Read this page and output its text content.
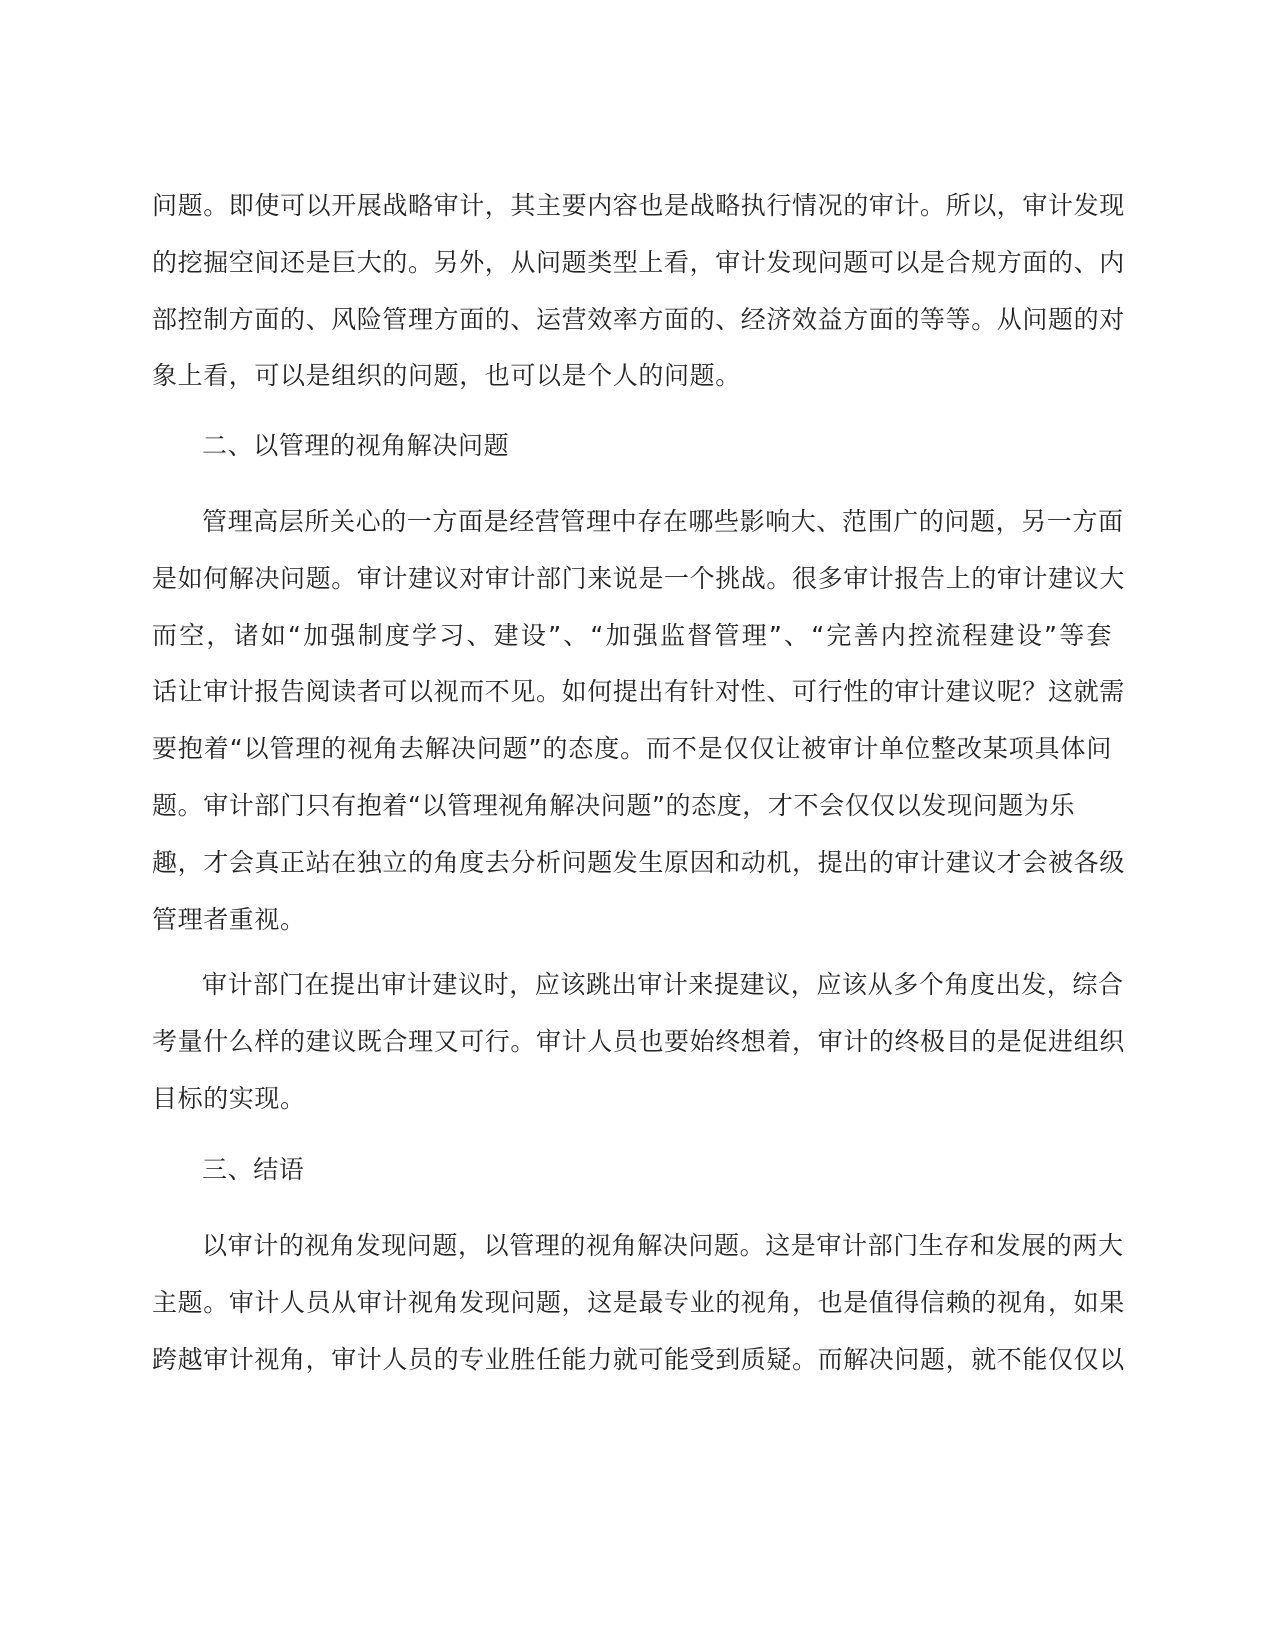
问题。即使可以开展战略审计，其主要内容也是战略执行情况的审计。所以，审计发现
的挖掘空间还是巨大的。另外，从问题类型上看，审计发现问题可以是合规方面的、内
部控制方面的、风险管理方面的、运营效率方面的、经济效益方面的等等。从问题的对
象上看，可以是组织的问题，也可以是个人的问题。
二、以管理的视角解决问题
管理高层所关心的一方面是经营管理中存在哪些影响大、范围广的问题，另一方面
是如何解决问题。审计建议对审计部门来说是一个挑战。很多审计报告上的审计建议大
而空，诸如“加强制度学习、建设”、“加强监督管理”、“完善内控流程建设”等套
话让审计报告阅读者可以视而不见。如何提出有针对性、可行性的审计建议呢？这就需
要抱着“以管理的视角去解决问题”的态度。而不是仅仅让被审计单位整改某项具体问
题。审计部门只有抱着“以管理视角解决问题”的态度，才不会仅仅以发现问题为乐
趣，才会真正站在独立的角度去分析问题发生原因和动机，提出的审计建议才会被各级
管理者重视。
审计部门在提出审计建议时，应该跳出审计来提建议，应该从多个角度出发，综合
考量什么样的建议既合理又可行。审计人员也要始终想着，审计的终极目的是促进组织
目标的实现。
三、结语
以审计的视角发现问题，以管理的视角解决问题。这是审计部门生存和发展的两大
主题。审计人员从审计视角发现问题，这是最专业的视角，也是值得信赖的视角，如果
跨越审计视角，审计人员的专业胜任能力就可能受到质疑。而解决问题，就不能仅仅以
